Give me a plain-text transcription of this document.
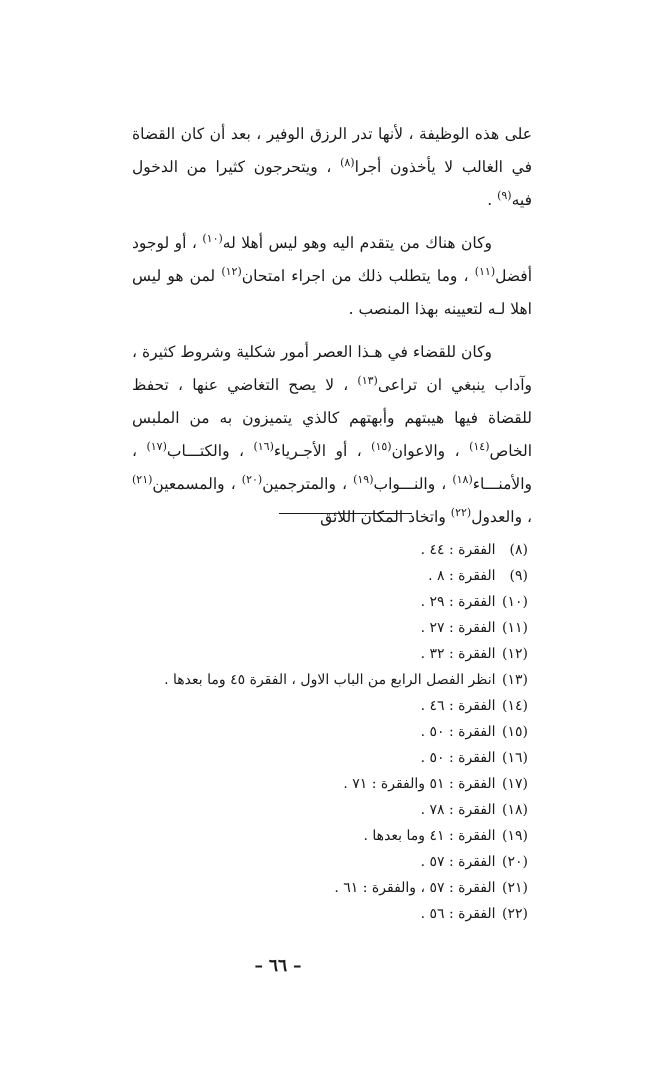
على هذه الوظيفة ، لأنها تدر الرزق الوفير ، بعد أن كان القضاة في الغالب لا يأخذون أجرا$^{(٨)}$ ، ويتحرجون كثيرا من الدخول فيه$^{(٩)}$ .

وكان هناك من يتقدم اليه وهو ليس أهلا له$^{(١٠)}$ ، أو لوجود أفضل$^{(١١)}$ ، وما يتطلب ذلك من اجراء امتحان$^{(١٢)}$ لمن هو ليس اهلا لـه لتعيينه بهذا المنصب .

وكان للقضاء في هـذا العصر أمور شكلية وشروط كثيرة ، وآداب ينبغي ان تراعى$^{(١٣)}$ ، لا يصح التغاضي عنها ، تحفظ للقضاة فيها هيبتهم وأبهتهم كالذي يتميزون به من الملبس الخاص$^{(١٤)}$ ، والاعوان$^{(١٥)}$ ، أو الأجـرياء$^{(١٦)}$ ، والكتـــاب$^{(١٧)}$ ، والأمنـــاء$^{(١٨)}$ ، والنـــواب$^{(١٩)}$ ، والمترجمين$^{(٢٠)}$ ، والمسمعين$^{(٢١)}$ ، والعدول$^{(٢٢)}$ واتخاذ المكان اللائق

(٨) الفقرة : ٤٤ .
(٩) الفقرة : ٨ .
(١٠) الفقرة : ٢٩ .
(١١) الفقرة : ٢٧ .
(١٢) الفقرة : ٣٢ .
(١٣) انظر الفصل الرابع من الباب الاول ، الفقرة ٤٥ وما بعدها .
(١٤) الفقرة : ٤٦ .
(١٥) الفقرة : ٥٠ .
(١٦) الفقرة : ٥٠ .
(١٧) الفقرة : ٥١ والفقرة : ٧١ .
(١٨) الفقرة : ٧٨ .
(١٩) الفقرة : ٤١ وما بعدها .
(٢٠) الفقرة : ٥٧ .
(٢١) الفقرة : ٥٧ ، والفقرة : ٦١ .
(٢٢) الفقرة : ٥٦ .
– ٦٦ –
